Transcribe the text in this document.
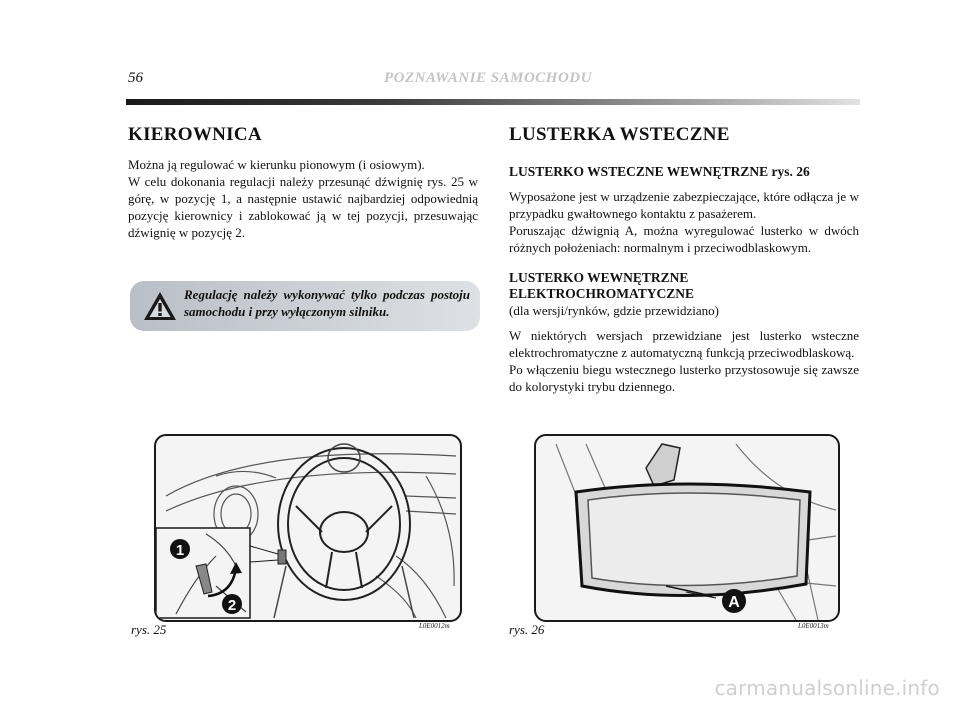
56	POZNAWANIE SAMOCHODU
KIEROWNICA

Można ją regulować w kierunku pionowym (i osiowym).

W celu dokonania regulacji należy przesunąć dźwignię rys. 25 w górę, w pozycję 1, a następnie ustawić najbardziej odpowiednią pozycję kierownicy i zablokować ją w tej pozycji, przesuwając dźwignię w pozycję 2.

Regulację należy wykonywać tylko podczas postoju samochodu i przy wyłączonym silniku.
LUSTERKA WSTECZNE
LUSTERKO WSTECZNE WEWNĘTRZNE rys. 26

Wyposażone jest w urządzenie zabezpieczające, które odłącza je w przypadku gwałtownego kontaktu z pasażerem.

Poruszając dźwignią A, można wyregulować lusterko w dwóch różnych położeniach: normalnym i przeciwodblaskowym.

LUSTERKO WEWNĘTRZNE
ELEKTROCHROMATYCZNE

(dla wersji/rynków, gdzie przewidziano)

W niektórych wersjach przewidziane jest lusterko wsteczne elektrochromatyczne z automatyczną funkcją przeciwodblaskową.

Po włączeniu biegu wstecznego lusterko przystosowuje się zawsze do kolorystyki trybu dziennego.

1
2
rys. 25	L0E0012m
A
rys. 26	L0E0013m
carmanualsonline.info
